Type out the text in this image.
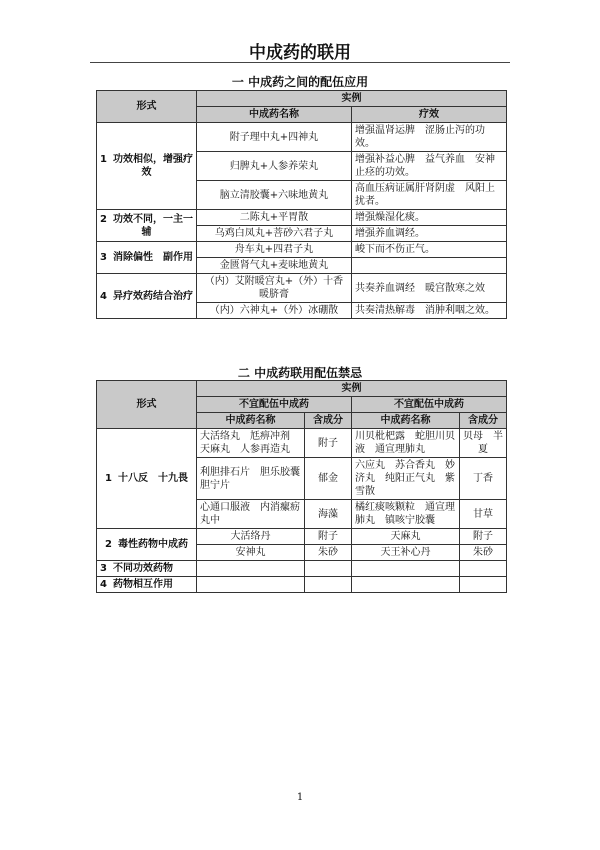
中成药的联用
一 中成药之间的配伍应用
形式	实例	
	中成药名称	疗效
1 功效相似，增强疗效	附子理中丸+四神丸	增强温肾运脾　涩肠止泻的功效。
	归脾丸+人参养荣丸	增强补益心脾　益气养血　安神止痉的功效。
	脑立清胶囊+六味地黄丸	高血压病证属肝肾阴虚　风阳上扰者。
2 功效不同，一主一辅	二陈丸+平胃散	增强燥湿化痰。
	乌鸡白凤丸+菩砂六君子丸	增强养血调经。
3 消除偏性　副作用	舟车丸+四君子丸	峻下而不伤正气。
	金匮肾气丸+麦味地黄丸	
4 异疗效药结合治疗	（内）艾附暖宫丸+（外）十香暖脐膏	共奏养血调经　暖宫散寒之效
	（内）六神丸+（外）冰硼散	共奏清热解毒　消肿利咽之效。
二 中成药联用配伍禁忌
形式	实例			
	不宜配伍中成药		不宜配伍中成药	
	中成药名称	含成分	中成药名称	含成分
1 十八反　十九畏	大活络丸　尪痹冲剂　天麻丸　人参再造丸	附子	川贝枇杷露　蛇胆川贝液　通宣理肺丸	贝母　半夏
	利胆排石片　胆乐胶囊　胆宁片	郁金	六应丸　苏合香丸　妙济丸　纯阳正气丸　紫雪散	丁香
	心通口服液　内消瘰疬丸中	海藻	橘红痰咳颗粒　通宣理肺丸　镇咳宁胶囊	甘草
2 毒性药物中成药	大活络丹	附子	天麻丸	附子
	安神丸	朱砂	天王补心丹	朱砂
3 不同功效药物				
4 药物相互作用				
1
